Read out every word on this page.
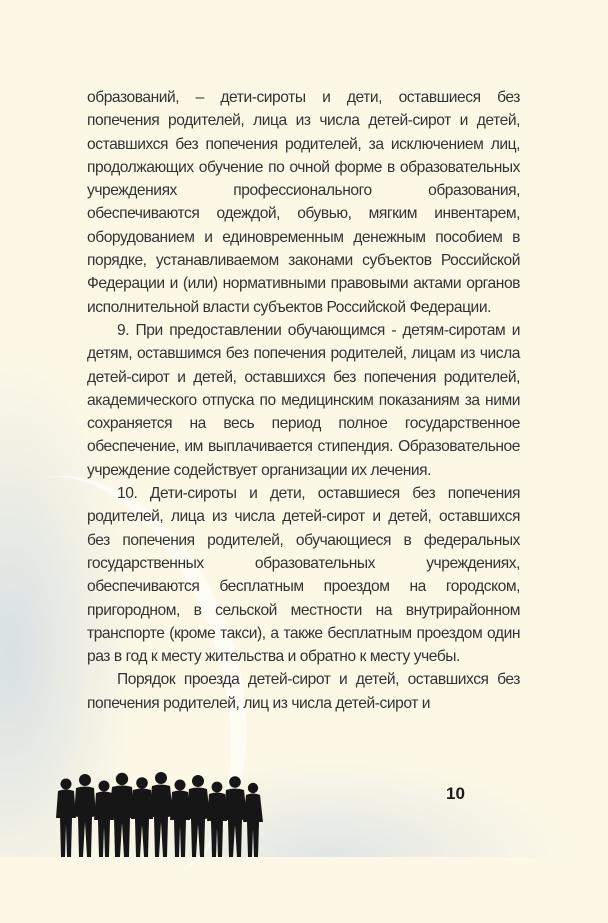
образований, – дети-сироты и дети, оставшиеся без попечения родителей, лица из числа детей-сирот и детей, оставшихся без попечения родителей, за исключением лиц, продолжающих обучение по очной форме в образовательных учреждениях профессионального образования, обеспечиваются одеждой, обувью, мягким инвентарем, оборудованием и единовременным денежным пособием в порядке, устанавливаемом законами субъектов Российской Федерации и (или) нормативными правовыми актами органов исполнительной власти субъектов Российской Федерации.

9. При предоставлении обучающимся - детям-сиротам и детям, оставшимся без попечения родителей, лицам из числа детей-сирот и детей, оставшихся без попечения родителей, академического отпуска по медицинским показаниям за ними сохраняется на весь период полное государственное обеспечение, им выплачивается стипендия. Образовательное учреждение содействует организации их лечения.

10. Дети-сироты и дети, оставшиеся без попечения родителей, лица из числа детей-сирот и детей, оставшихся без попечения родителей, обучающиеся в федеральных государственных образовательных учреждениях, обеспечиваются бесплатным проездом на городском, пригородном, в сельской местности на внутрирайонном транспорте (кроме такси), а также бесплатным проездом один раз в год к месту жительства и обратно к месту учебы.

Порядок проезда детей-сирот и детей, оставшихся без попечения родителей, лиц из числа детей-сирот и

10
